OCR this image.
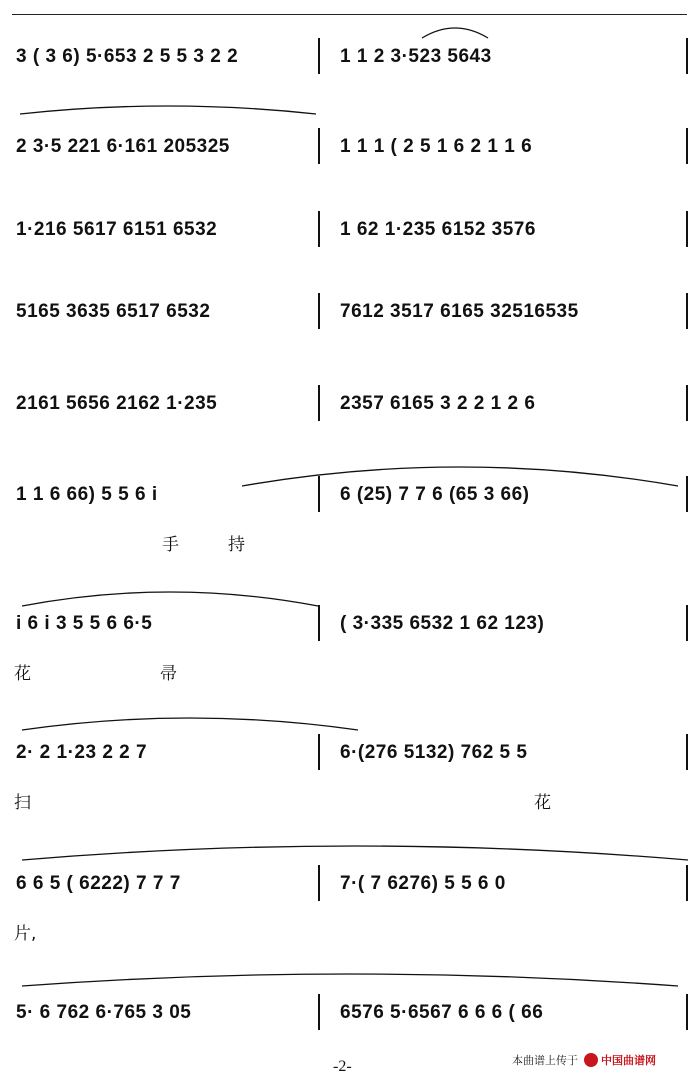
3 ( 3 6) 5·653 2 5 5 3 2 2	1 1 2 3·523 5643
2 3·5 221 6·161 205325	1 1 1 ( 2 5 1 6 2 1 1 6
1·216 5617 6151 6532	1 62 1·235 6152 3576
5165 3635 6517 6532	7612 3517 6165 32516535
2161 5656 2162 1·235	2357 6165 3 2 2 1 2 6
1 1 6 66) 5 5 6 i	6 (25) 7 7 6 (65 3 66)
i 6 i 3 5 5 6 6·5	( 3·335 6532 1 62 123)
2· 2 1·23 2 2 7	6·(276 5132) 762 5 5
6 6 5 ( 6222) 7 7 7	7·( 7 6276) 5 5 6 0
5· 6 762 6·765 3 05	6576 5·6567 6 6 6 ( 66
手	持
花	帚
扫	花
片,
-2-	本曲谱上传于 中国曲谱网
